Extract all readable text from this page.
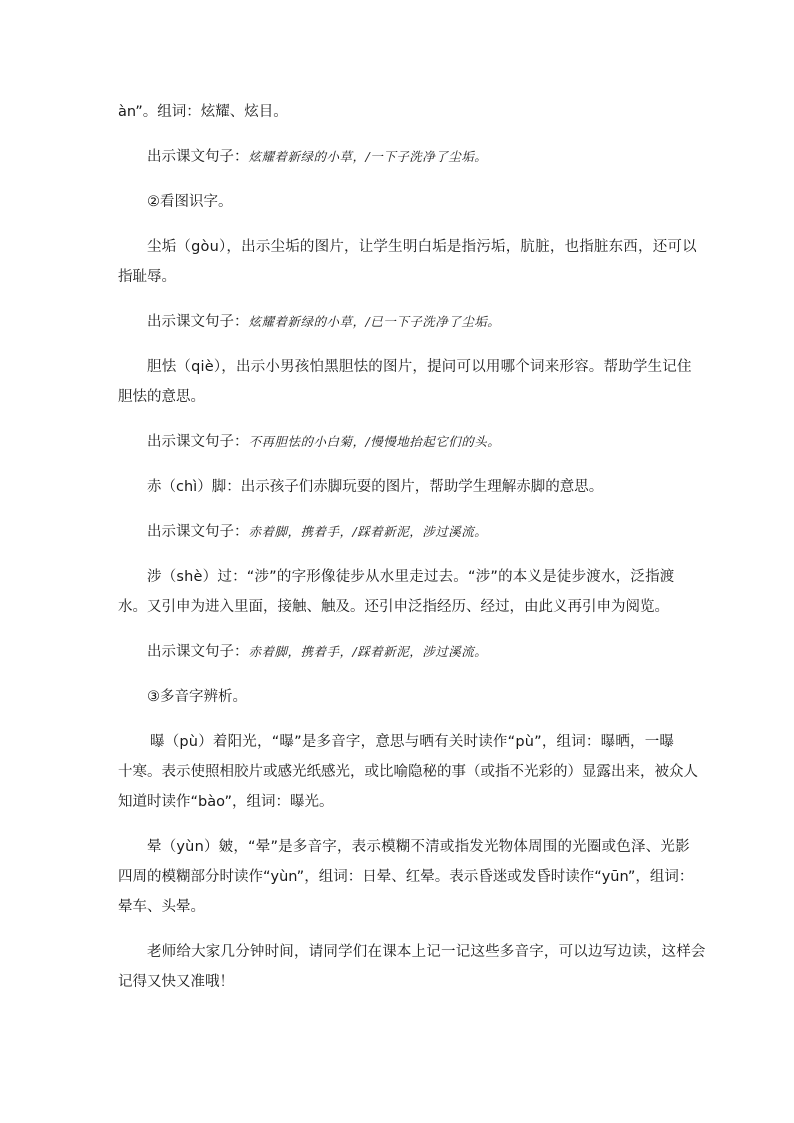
àn”。组词：炫耀、炫目。
出示课文句子：炫耀着新绿的小草，/一下子洗净了尘垢。
②看图识字。
尘垢（gòu），出示尘垢的图片，让学生明白垢是指污垢，肮脏，也指脏东西，还可以
指耻辱。
出示课文句子：炫耀着新绿的小草，/已一下子洗净了尘垢。
胆怯（qiè），出示小男孩怕黑胆怯的图片，提问可以用哪个词来形容。帮助学生记住
胆怯的意思。
出示课文句子：不再胆怯的小白菊，/慢慢地抬起它们的头。
赤（chì）脚：出示孩子们赤脚玩耍的图片，帮助学生理解赤脚的意思。
出示课文句子：赤着脚，携着手，/踩着新泥，涉过溪流。
涉（shè）过：“涉”的字形像徒步从水里走过去。“涉”的本义是徒步渡水，泛指渡
水。又引申为进入里面，接触、触及。还引申泛指经历、经过，由此义再引申为阅览。
出示课文句子：赤着脚，携着手，/踩着新泥，涉过溪流。
③多音字辨析。
曝（pù）着阳光，“曝”是多音字，意思与晒有关时读作“pù”，组词：曝晒，一曝
十寒。表示使照相胶片或感光纸感光，或比喻隐秘的事（或指不光彩的）显露出来，被众人
知道时读作“bào”，组词：曝光。
晕（yùn）皴，“晕”是多音字，表示模糊不清或指发光物体周围的光圈或色泽、光影
四周的模糊部分时读作“yùn”，组词：日晕、红晕。表示昏迷或发昏时读作“yūn”，组词：
晕车、头晕。
老师给大家几分钟时间，请同学们在课本上记一记这些多音字，可以边写边读，这样会
记得又快又准哦！
